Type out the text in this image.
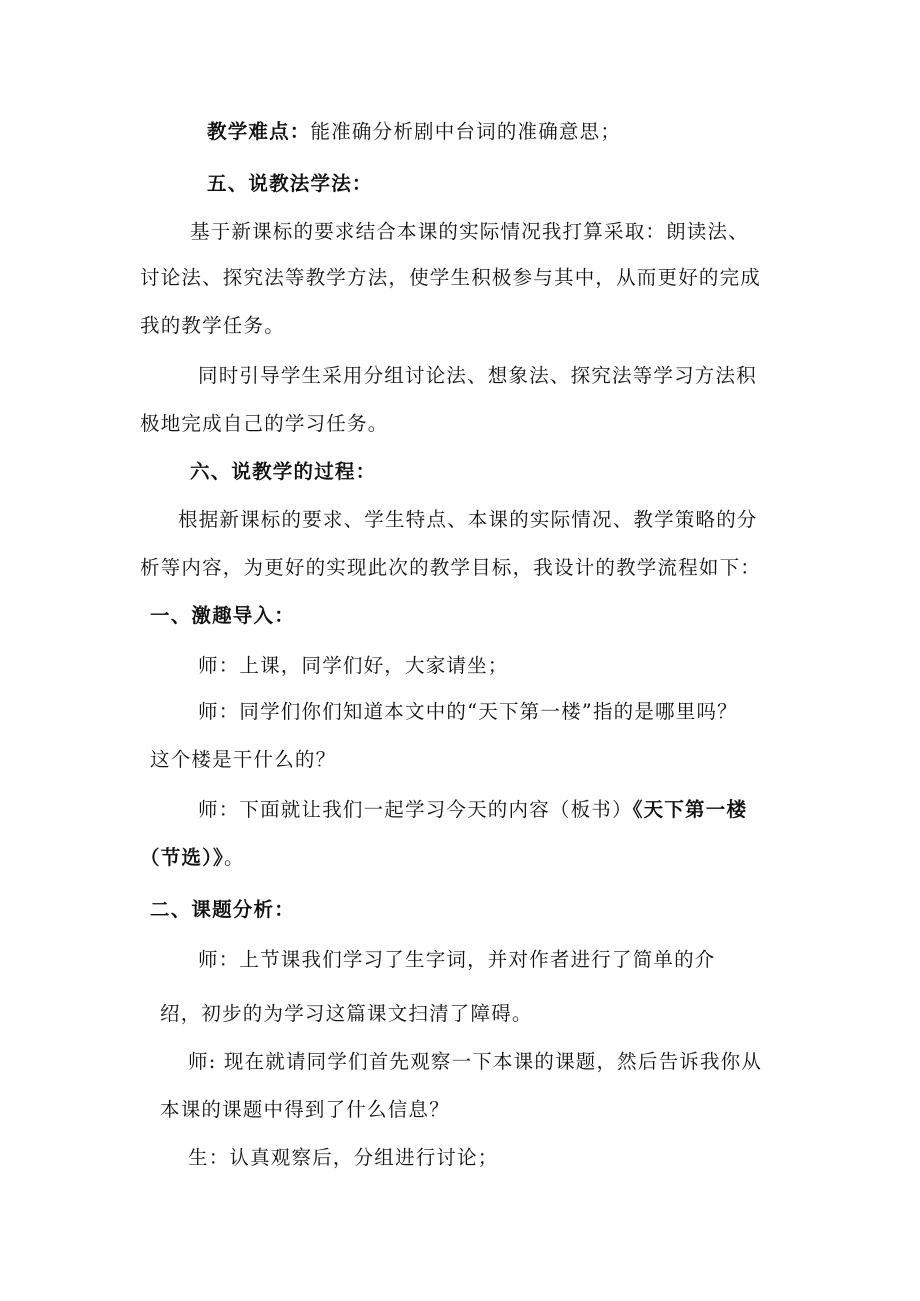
教学难点：能准确分析剧中台词的准确意思；
五、说教法学法：
基于新课标的要求结合本课的实际情况我打算采取：朗读法、
讨论法、探究法等教学方法，使学生积极参与其中，从而更好的完成
我的教学任务。
同时引导学生采用分组讨论法、想象法、探究法等学习方法积
极地完成自己的学习任务。
六、说教学的过程：
根据新课标的要求、学生特点、本课的实际情况、教学策略的分
析等内容，为更好的实现此次的教学目标，我设计的教学流程如下：
一、激趣导入：
师：上课，同学们好，大家请坐；
师：同学们你们知道本文中的“天下第一楼”指的是哪里吗？
这个楼是干什么的？
师：下面就让我们一起学习今天的内容（板书）《天下第一楼
（节选）》。
二、课题分析：
师：上节课我们学习了生字词，并对作者进行了简单的介
绍，初步的为学习这篇课文扫清了障碍。
师: 现在就请同学们首先观察一下本课的课题，然后告诉我你从
本课的课题中得到了什么信息？
生：认真观察后，分组进行讨论；
